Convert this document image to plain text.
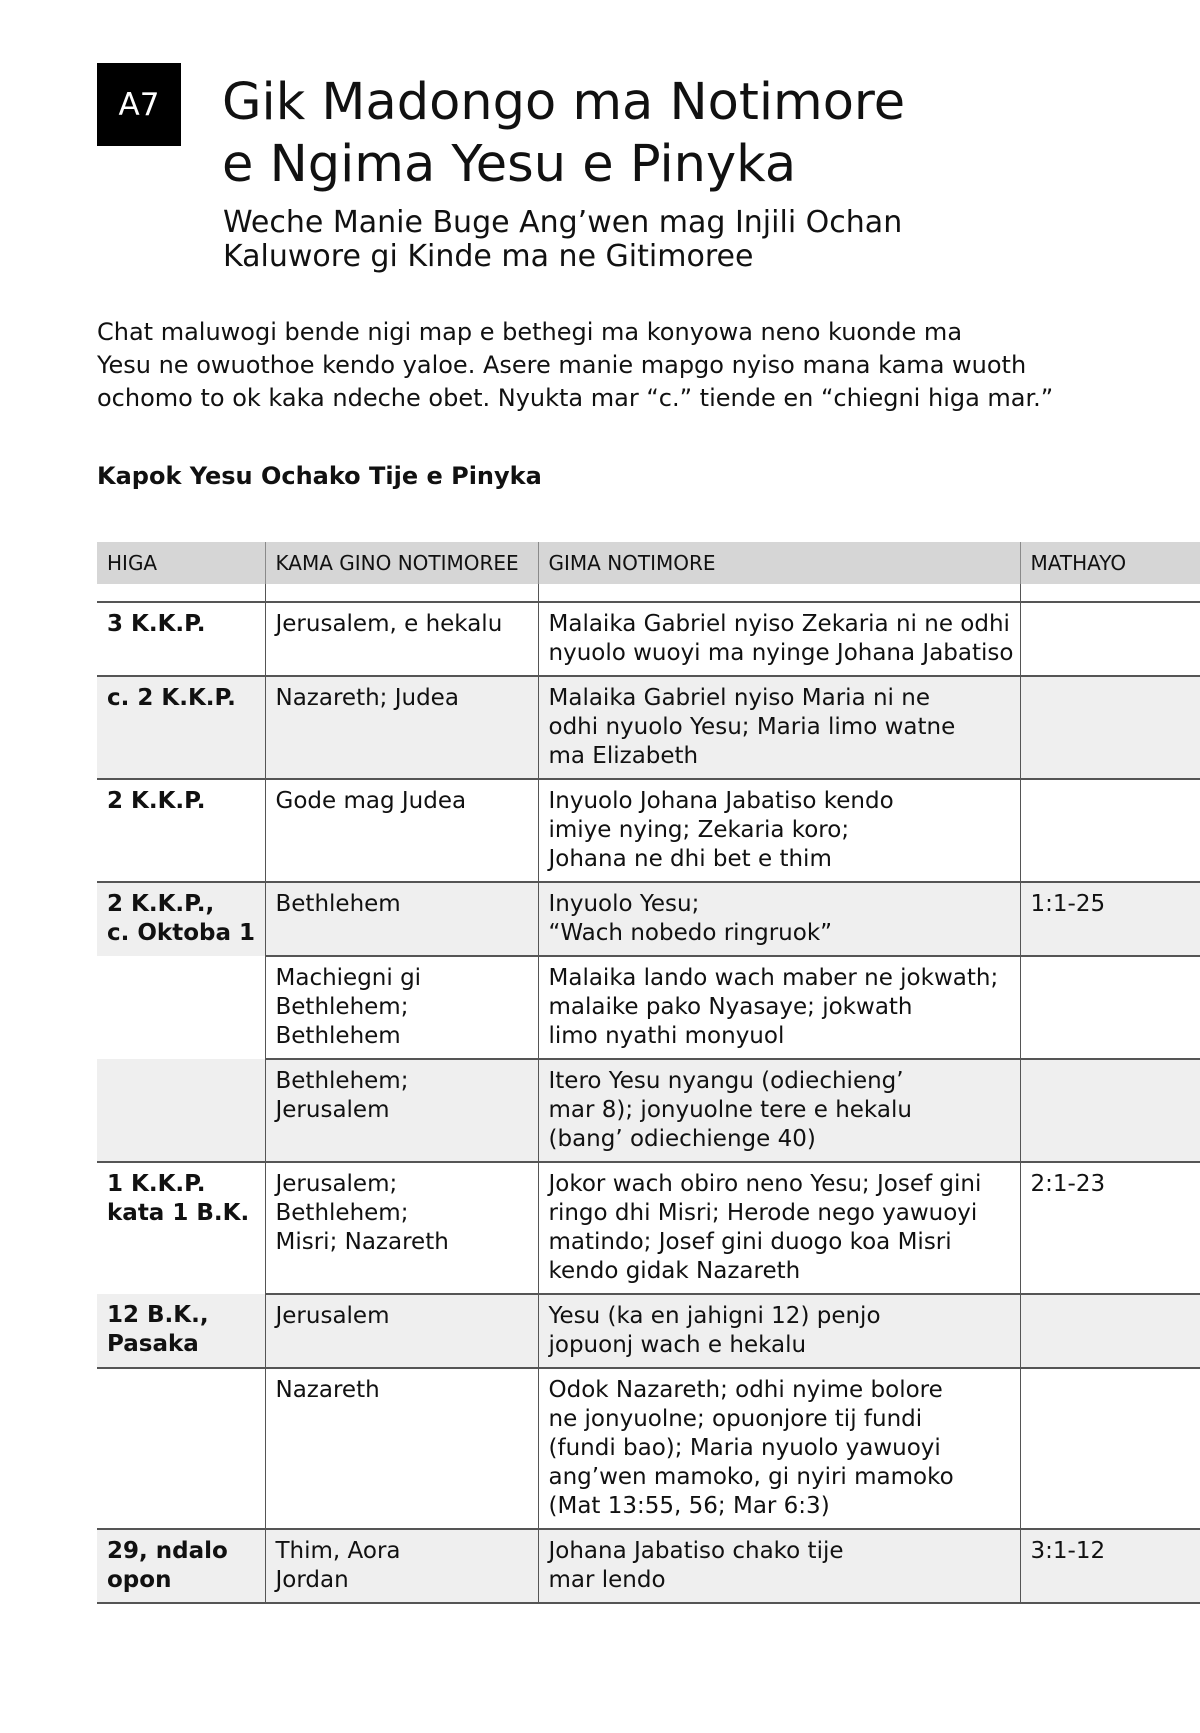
A7	Gik Madongo ma Notimore
e Ngima Yesu e Pinyka
Weche Manie Buge Ang’wen mag Injili Ochan
Kaluwore gi Kinde ma ne Gitimoree

Chat maluwogi bende nigi map e bethegi ma konyowa neno kuonde ma
Yesu ne owuothoe kendo yaloe. Asere manie mapgo nyiso mana kama wuoth
ochomo to ok kaka ndeche obet. Nyukta mar “c.” tiende en “chiegni higa mar.”

Kapok Yesu Ochako Tije e Pinyka
HIGA	KAMA GINO NOTIMOREE	GIMA NOTIMORE	MATHAYO

3 K.K.P.	Jerusalem, e hekalu	Malaika Gabriel nyiso Zekaria ni ne odhi
nyuolo wuoyi ma nyinge Johana Jabatiso	

c. 2 K.K.P.	Nazareth; Judea	Malaika Gabriel nyiso Maria ni ne
odhi nyuolo Yesu; Maria limo watne
ma Elizabeth	

2 K.K.P.	Gode mag Judea	Inyuolo Johana Jabatiso kendo
imiye nying; Zekaria koro;
Johana ne dhi bet e thim	

2 K.K.P.,
c. Oktoba 1	Bethlehem	Inyuolo Yesu;
“Wach nobedo ringruok”	1:1-25

	Machiegni gi
Bethlehem;
Bethlehem	Malaika lando wach maber ne jokwath;
malaike pako Nyasaye; jokwath
limo nyathi monyuol	

	Bethlehem;
Jerusalem	Itero Yesu nyangu (odiechieng’
mar 8); jonyuolne tere e hekalu
(bang’ odiechienge 40)	

1 K.K.P.
kata 1 B.K.	Jerusalem;
Bethlehem;
Misri; Nazareth	Jokor wach obiro neno Yesu; Josef gini
ringo dhi Misri; Herode nego yawuoyi
matindo; Josef gini duogo koa Misri
kendo gidak Nazareth	2:1-23

12 B.K.,
Pasaka	Jerusalem	Yesu (ka en jahigni 12) penjo
jopuonj wach e hekalu	

	Nazareth	Odok Nazareth; odhi nyime bolore
ne jonyuolne; opuonjore tij fundi
(fundi bao); Maria nyuolo yawuoyi
ang’wen mamoko, gi nyiri mamoko
(Mat 13:55, 56; Mar 6:3)	

29, ndalo
opon	Thim, Aora
Jordan	Johana Jabatiso chako tije
mar lendo	3:1-12
